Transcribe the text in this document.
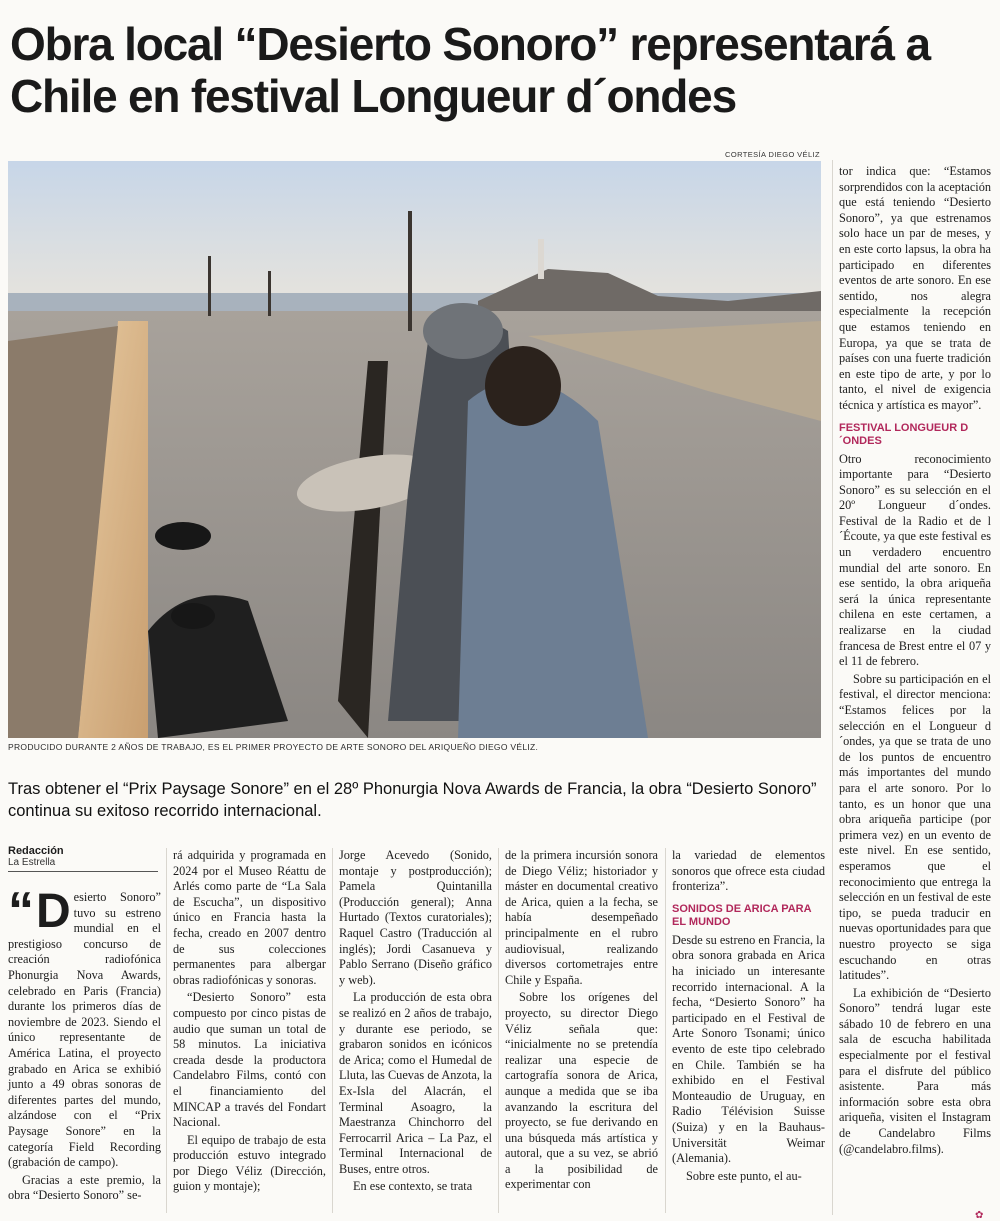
Obra local “Desierto Sonoro” representará a Chile en festival Longueur d´ondes
CORTESÍA DIEGO VÉLIZ
PRODUCIDO DURANTE 2 AÑOS DE TRABAJO, ES EL PRIMER PROYECTO DE ARTE SONORO DEL ARIQUEÑO DIEGO VÉLIZ.
Tras obtener el “Prix Paysage Sonore” en el 28º Phonurgia Nova Awards de Francia, la obra “Desierto Sonoro” continua su exitoso recorrido internacional.
Redacción
La Estrella
“ D esierto Sonoro” tuvo su estreno mundial en el prestigioso concurso de creación radiofónica Phonurgia Nova Awards, celebrado en Paris (Francia) durante los primeros días de noviembre de 2023. Siendo el único representante de América Latina, el proyecto grabado en Arica se exhibió junto a 49 obras sonoras de diferentes partes del mundo, alzándose con el “Prix Paysage Sonore” en la categoría Field Recording (grabación de campo).

Gracias a este premio, la obra “Desierto Sonoro” se-

rá adquirida y programada en 2024 por el Museo Réattu de Arlés como parte de “La Sala de Escucha”, un dispositivo único en Francia hasta la fecha, creado en 2007 dentro de sus colecciones permanentes para albergar obras radiofónicas y sonoras.

“Desierto Sonoro” esta compuesto por cinco pistas de audio que suman un total de 58 minutos. La iniciativa creada desde la productora Candelabro Films, contó con el financiamiento del MINCAP a través del Fondart Nacional.

El equipo de trabajo de esta producción estuvo integrado por Diego Véliz (Dirección, guion y montaje);

Jorge Acevedo (Sonido, montaje y postproducción); Pamela Quintanilla (Producción general); Anna Hurtado (Textos curatoriales); Raquel Castro (Traducción al inglés); Jordi Casanueva y Pablo Serrano (Diseño gráfico y web).

La producción de esta obra se realizó en 2 años de trabajo, y durante ese periodo, se grabaron sonidos en icónicos de Arica; como el Humedal de Lluta, las Cuevas de Anzota, la Ex-Isla del Alacrán, el Terminal Asoagro, la Maestranza Chinchorro del Ferrocarril Arica – La Paz, el Terminal Internacional de Buses, entre otros.

En ese contexto, se trata

de la primera incursión sonora de Diego Véliz; historiador y máster en documental creativo de Arica, quien a la fecha, se había desempeñado principalmente en el rubro audiovisual, realizando diversos cortometrajes entre Chile y España.

Sobre los orígenes del proyecto, su director Diego Véliz señala que: “inicialmente no se pretendía realizar una especie de cartografía sonora de Arica, aunque a medida que se iba avanzando la escritura del proyecto, se fue derivando en una búsqueda más artística y autoral, que a su vez, se abrió a la posibilidad de experimentar con

la variedad de elementos sonoros que ofrece esta ciudad fronteriza”.

SONIDOS DE ARICA PARA EL MUNDO

Desde su estreno en Francia, la obra sonora grabada en Arica ha iniciado un interesante recorrido internacional. A la fecha, “Desierto Sonoro” ha participado en el Festival de Arte Sonoro Tsonami; único evento de este tipo celebrado en Chile. También se ha exhibido en el Festival Monteaudio de Uruguay, en Radio Télévision Suisse (Suiza) y en la Bauhaus-Universität Weimar (Alemania).

Sobre este punto, el au-

tor indica que: “Estamos sorprendidos con la aceptación que está teniendo “Desierto Sonoro”, ya que estrenamos solo hace un par de meses, y en este corto lapsus, la obra ha participado en diferentes eventos de arte sonoro. En ese sentido, nos alegra especialmente la recepción que estamos teniendo en Europa, ya que se trata de países con una fuerte tradición en este tipo de arte, y por lo tanto, el nivel de exigencia técnica y artística es mayor”.

FESTIVAL LONGUEUR D´ONDES

Otro reconocimiento importante para “Desierto Sonoro” es su selección en el 20º Longueur d´ondes. Festival de la Radio et de l´Écoute, ya que este festival es un verdadero encuentro mundial del arte sonoro. En ese sentido, la obra ariqueña será la única representante chilena en este certamen, a realizarse en la ciudad francesa de Brest entre el 07 y el 11 de febrero.

Sobre su participación en el festival, el director menciona: “Estamos felices por la selección en el Longueur d´ondes, ya que se trata de uno de los puntos de encuentro más importantes del mundo para el arte sonoro. Por lo tanto, es un honor que una obra ariqueña participe (por primera vez) en un evento de este nivel. En ese sentido, esperamos que el reconocimiento que entrega la selección en un festival de este tipo, se pueda traducir en nuevas oportunidades para que nuestro proyecto se siga escuchando en otras latitudes”.

La exhibición de “Desierto Sonoro” tendrá lugar este sábado 10 de febrero en una sala de escucha habilitada especialmente por el festival para el disfrute del público asistente. Para más información sobre esta obra ariqueña, visiten el Instagram de Candelabro Films (@candelabro.films).

✿
